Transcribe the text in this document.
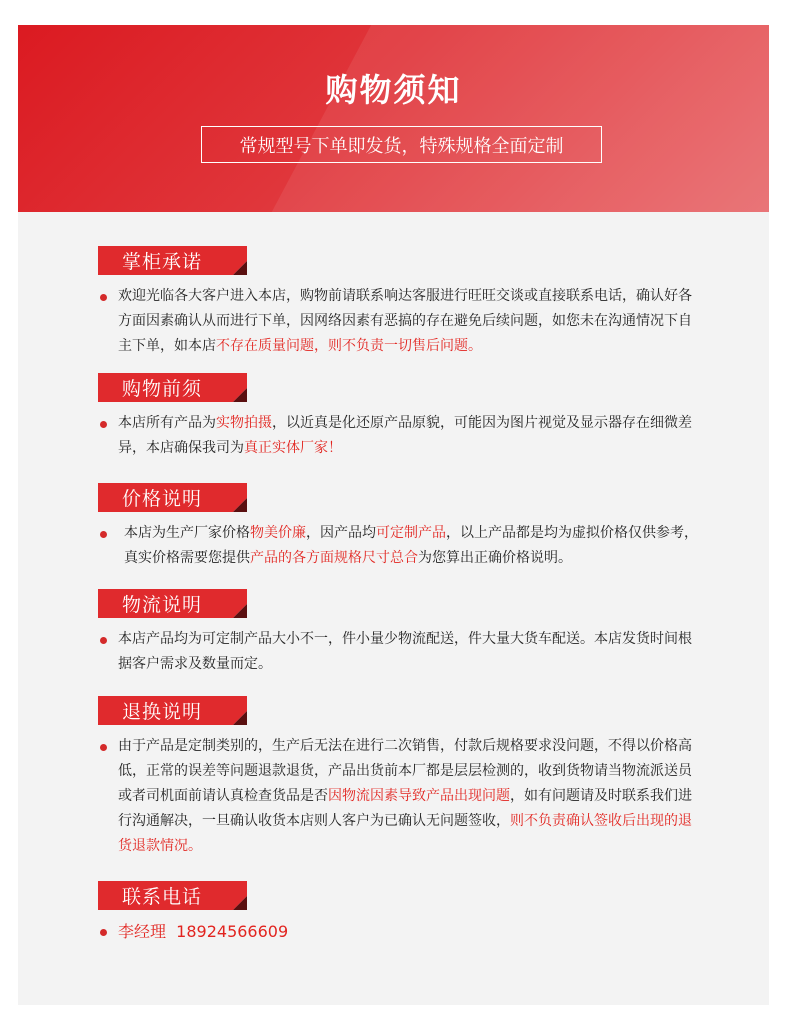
购物须知
常规型号下单即发货，特殊规格全面定制
掌柜承诺
欢迎光临各大客户进入本店，购物前请联系响达客服进行旺旺交谈或直接联系电话，确认好各方面因素确认从而进行下单，因网络因素有恶搞的存在避免后续问题，如您未在沟通情况下自主下单，如本店不存在质量问题，则不负责一切售后问题。
购物前须
本店所有产品为实物拍摄，以近真是化还原产品原貌，可能因为图片视觉及显示器存在细微差异，本店确保我司为真正实体厂家！
价格说明
本店为生产厂家价格物美价廉，因产品均可定制产品，以上产品都是均为虚拟价格仅供参考，真实价格需要您提供产品的各方面规格尺寸总合为您算出正确价格说明。
物流说明
本店产品均为可定制产品大小不一，件小量少物流配送，件大量大货车配送。本店发货时间根据客户需求及数量而定。
退换说明
由于产品是定制类别的，生产后无法在进行二次销售，付款后规格要求没问题，不得以价格高低，正常的误差等问题退款退货，产品出货前本厂都是层层检测的，收到货物请当物流派送员或者司机面前请认真检查货品是否因物流因素导致产品出现问题，如有问题请及时联系我们进行沟通解决，一旦确认收货本店则人客户为已确认无问题签收，则不负责确认签收后出现的退货退款情况。
联系电话
李经理  18924566609
